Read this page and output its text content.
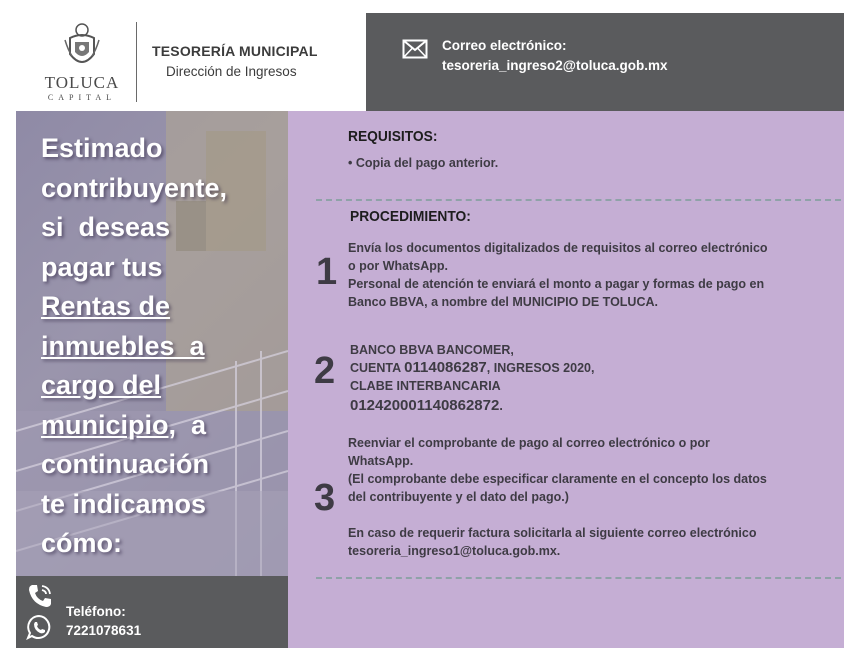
TOLUCA
CAPITAL
TESORERÍA MUNICIPAL
Dirección de Ingresos
Correo electrónico:
tesoreria_ingreso2@toluca.gob.mx
Estimado
contribuyente,
si  deseas
pagar tus
Rentas de
inmuebles  a
cargo del
municipio,  a
continuación
te indicamos
cómo:
Teléfono:
7221078631
REQUISITOS:
• Copia del pago anterior.
PROCEDIMIENTO:
1
Envía los documentos digitalizados de requisitos al correo electrónico
o por WhatsApp.
Personal de atención te enviará el monto a pagar y formas de pago en
Banco BBVA, a nombre del MUNICIPIO DE TOLUCA.
2 BANCO BBVA BANCOMER,
CUENTA 0114086287, INGRESOS 2020,
CLABE INTERBANCARIA
012420001140862872.
3
Reenviar el comprobante de pago al correo electrónico o por
WhatsApp.
(El comprobante debe especificar claramente en el concepto los datos
del contribuyente y el dato del pago.)
En caso de requerir factura solicitarla al siguiente correo electrónico
tesoreria_ingreso1@toluca.gob.mx.
